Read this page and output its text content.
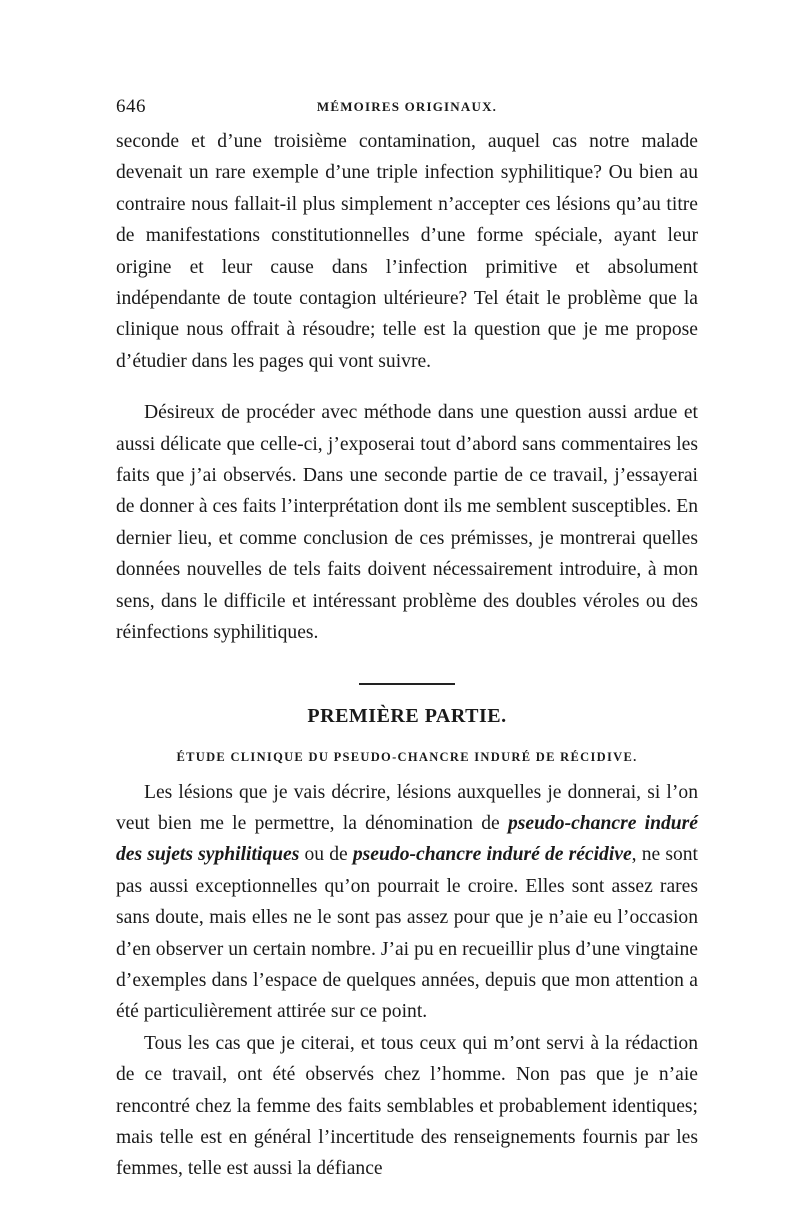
646	MÉMOIRES ORIGINAUX.

seconde et d’une troisième contamination, auquel cas notre malade devenait un rare exemple d’une triple infection syphilitique? Ou bien au contraire nous fallait-il plus simplement n’accepter ces lésions qu’au titre de manifestations constitutionnelles d’une forme spéciale, ayant leur origine et leur cause dans l’infection primitive et absolument indépendante de toute contagion ultérieure? Tel était le problème que la clinique nous offrait à résoudre; telle est la question que je me propose d’étudier dans les pages qui vont suivre.

Désireux de procéder avec méthode dans une question aussi ardue et aussi délicate que celle-ci, j’exposerai tout d’abord sans commentaires les faits que j’ai observés. Dans une seconde partie de ce travail, j’essayerai de donner à ces faits l’interprétation dont ils me semblent susceptibles. En dernier lieu, et comme conclusion de ces prémisses, je montrerai quelles données nouvelles de tels faits doivent nécessairement introduire, à mon sens, dans le difficile et intéressant problème des doubles véroles ou des réinfections syphilitiques.

PREMIÈRE PARTIE.
ÉTUDE CLINIQUE DU PSEUDO-CHANCRE INDURÉ DE RÉCIDIVE.

Les lésions que je vais décrire, lésions auxquelles je donnerai, si l’on veut bien me le permettre, la dénomination de pseudo-chancre induré des sujets syphilitiques ou de pseudo-chancre induré de récidive, ne sont pas aussi exceptionnelles qu’on pourrait le croire. Elles sont assez rares sans doute, mais elles ne le sont pas assez pour que je n’aie eu l’occasion d’en observer un certain nombre. J’ai pu en recueillir plus d’une vingtaine d’exemples dans l’espace de quelques années, depuis que mon attention a été particulièrement attirée sur ce point.

Tous les cas que je citerai, et tous ceux qui m’ont servi à la rédaction de ce travail, ont été observés chez l’homme. Non pas que je n’aie rencontré chez la femme des faits semblables et probablement identiques; mais telle est en général l’incertitude des renseignements fournis par les femmes, telle est aussi la défiance
